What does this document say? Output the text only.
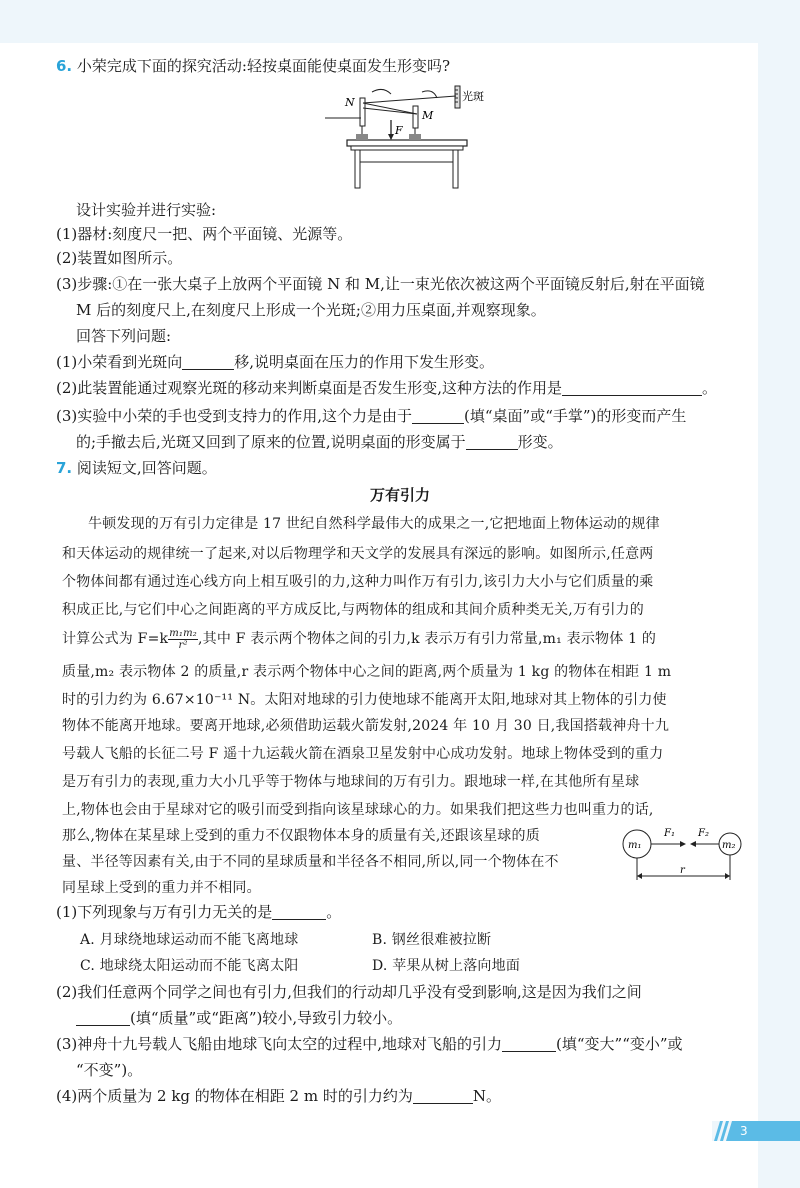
6. 小荣完成下面的探究活动:轻按桌面能使桌面发生形变吗?
N
M
F
光斑
设计实验并进行实验:
(1)器材:刻度尺一把、两个平面镜、光源等。
(2)装置如图所示。
(3)步骤:①在一张大桌子上放两个平面镜 N 和 M,让一束光依次被这两个平面镜反射后,射在平面镜
M 后的刻度尺上,在刻度尺上形成一个光斑;②用力压桌面,并观察现象。
回答下列问题:
(1)小荣看到光斑向	移,说明桌面在压力的作用下发生形变。
(2)此装置能通过观察光斑的移动来判断桌面是否发生形变,这种方法的作用是	。
(3)实验中小荣的手也受到支持力的作用,这个力是由于	(填“桌面”或“手掌”)的形变而产生
的;手撤去后,光斑又回到了原来的位置,说明桌面的形变属于	形变。
7. 阅读短文,回答问题。
万有引力
牛顿发现的万有引力定律是 17 世纪自然科学最伟大的成果之一,它把地面上物体运动的规律
和天体运动的规律统一了起来,对以后物理学和天文学的发展具有深远的影响。如图所示,任意两
个物体间都有通过连心线方向上相互吸引的力,这种力叫作万有引力,该引力大小与它们质量的乘
积成正比,与它们中心之间距离的平方成反比,与两物体的组成和其间介质种类无关,万有引力的
计算公式为 $F=k \frac{\text{m₁m₂}}{\text{r²}}$ ,其中 F 表示两个物体之间的引力,k 表示万有引力常量,m₁ 表示物体 1 的
质量,m₂ 表示物体 2 的质量,r 表示两个物体中心之间的距离,两个质量为 1 kg 的物体在相距 1 m
时的引力约为 6.67×10⁻¹¹ N。太阳对地球的引力使地球不能离开太阳,地球对其上物体的引力使
物体不能离开地球。要离开地球,必须借助运载火箭发射,2024 年 10 月 30 日,我国搭载神舟十九
号载人飞船的长征二号 F 遥十九运载火箭在酒泉卫星发射中心成功发射。地球上物体受到的重力
是万有引力的表现,重力大小几乎等于物体与地球间的万有引力。跟地球一样,在其他所有星球
上,物体也会由于星球对它的吸引而受到指向该星球球心的力。如果我们把这些力也叫重力的话,
那么,物体在某星球上受到的重力不仅跟物体本身的质量有关,还跟该星球的质
量、半径等因素有关,由于不同的星球质量和半径各不相同,所以,同一个物体在不
同星球上受到的重力并不相同。
m₁	m₂
F₁ F₂
r
(1)下列现象与万有引力无关的是	。
A. 月球绕地球运动而不能飞离地球	B. 钢丝很难被拉断
C. 地球绕太阳运动而不能飞离太阳	D. 苹果从树上落向地面
(2)我们任意两个同学之间也有引力,但我们的行动却几乎没有受到影响,这是因为我们之间
(填“质量”或“距离”)较小,导致引力较小。
(3)神舟十九号载人飞船由地球飞向太空的过程中,地球对飞船的引力	(填“变大”“变小”或
“不变”)。
(4)两个质量为 2 kg 的物体在相距 2 m 时的引力约为	N。
3
